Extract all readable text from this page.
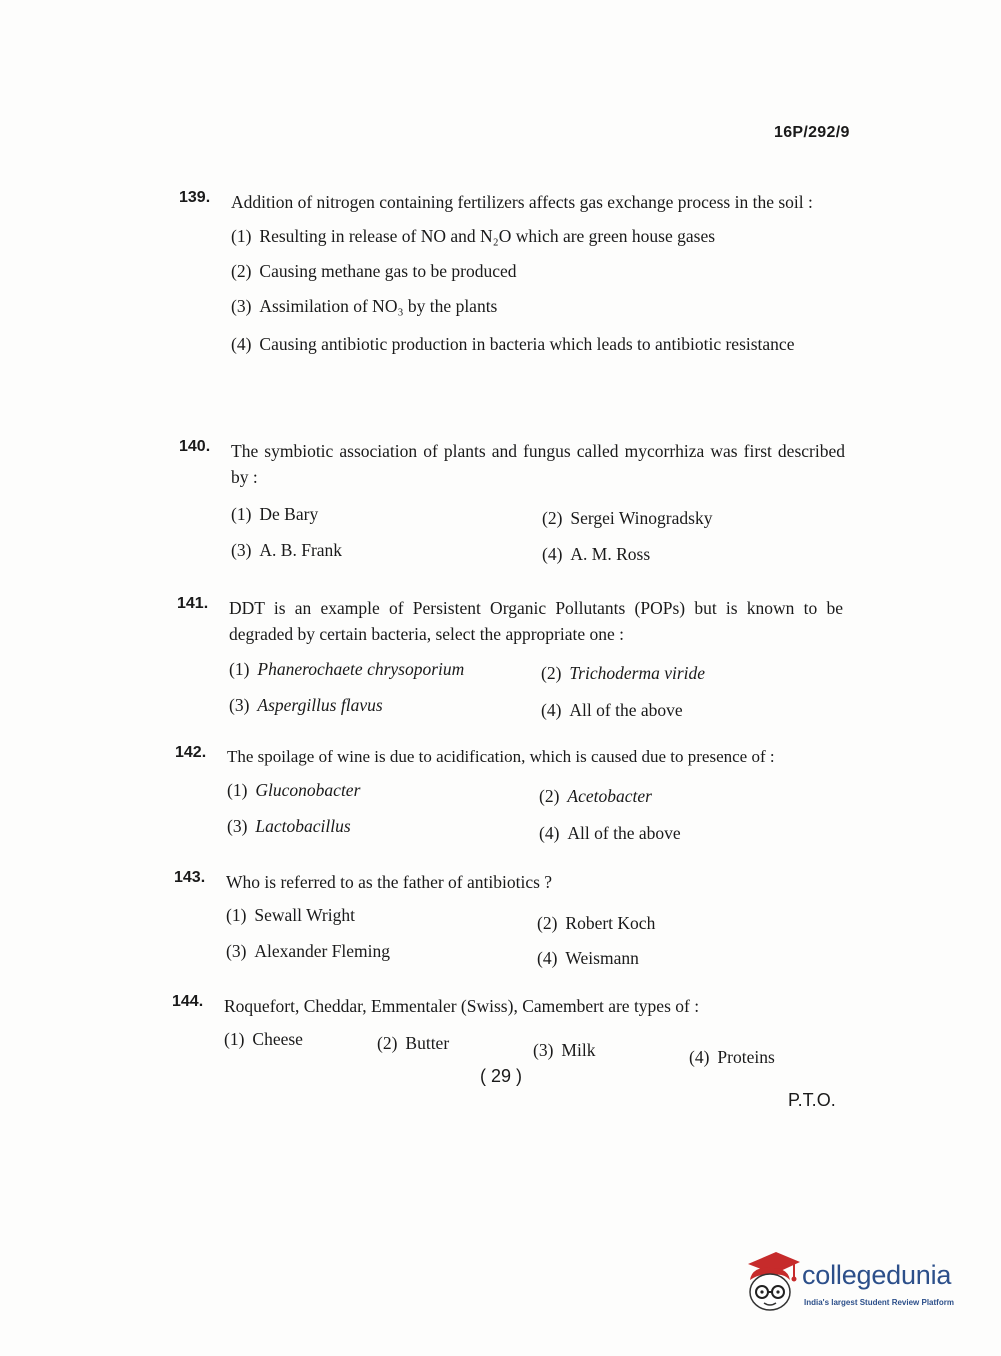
16P/292/9
139. Addition of nitrogen containing fertilizers affects gas exchange process in the soil :
(1) Resulting in release of NO and N₂O which are green house gases
(2) Causing methane gas to be produced
(3) Assimilation of NO₃ by the plants
(4) Causing antibiotic production in bacteria which leads to antibiotic resistance
140. The symbiotic association of plants and fungus called mycorrhiza was first described by :
(1) De Bary	(2) Sergei Winogradsky
(3) A. B. Frank	(4) A. M. Ross
141. DDT is an example of Persistent Organic Pollutants (POPs) but is known to be degraded by certain bacteria, select the appropriate one :
(1) Phanerochaete chrysoporium	(2) Trichoderma viride
(3) Aspergillus flavus	(4) All of the above
142. The spoilage of wine is due to acidification, which is caused due to presence of :
(1) Gluconobacter	(2) Acetobacter
(3) Lactobacillus	(4) All of the above
143. Who is referred to as the father of antibiotics ?
(1) Sewall Wright	(2) Robert Koch
(3) Alexander Fleming	(4) Weismann
144. Roquefort, Cheddar, Emmentaler (Swiss), Camembert are types of :
(1) Cheese	(2) Butter	(3) Milk	(4) Proteins
( 29 )
P.T.O.
collegedunia
India's largest Student Review Platform
